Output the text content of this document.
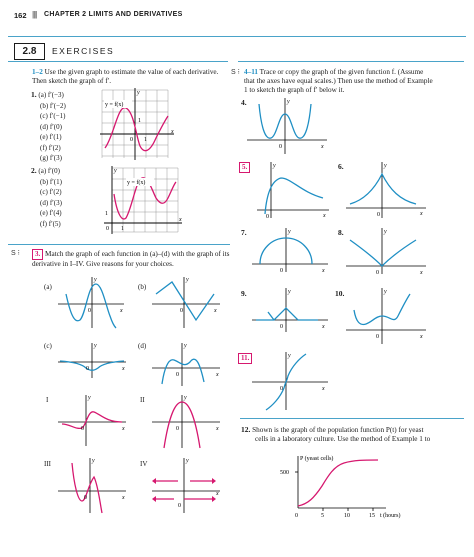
162 |||| CHAPTER 2 LIMITS AND DERIVATIVES
2.8	EXERCISES
1–2 Use the given graph to estimate the value of each derivative. Then sketch the graph of f′.
1. (a) f′(−3)
(b) f′(−2)
(c) f′(−1)
(d) f′(0)
(e) f′(1)
(f) f′(2)
(g) f′(3)
y = f(x)
y
x
1
0 1
2. (a) f′(0)
(b) f′(1)
(c) f′(2)
(d) f′(3)
(e) f′(4)
(f) f′(5)
y = f(x)
y
x
1
0 1
S ⁝	3. Match the graph of each function in (a)–(d) with the graph of its derivative in I–IV. Give reasons for your choices.
(a)
y
x
0
(b)
y
x
0
(c)	y
x
0
(d)	y
x
0
I	y
x
0
II	y
x
0
III	y
x
0
IV	y
x
0
S ⁝ 4–11 Trace or copy the graph of the given function f. (Assume
that the axes have equal scales.) Then use the method of Example
1 to sketch the graph of f′ below it.
4.	y
x
0
5.	y
x
0
6.	y
x
0
7.	y
x
0
8.	y
x
0
9.	y
x
0
10.	y
x
0
11.	y
x
0
12. Shown is the graph of the population function P(t) for yeast
cells in a laboratory culture. Use the method of Example 1 to
P (yeast cells)
500
0	5	10	15 t (hours)
